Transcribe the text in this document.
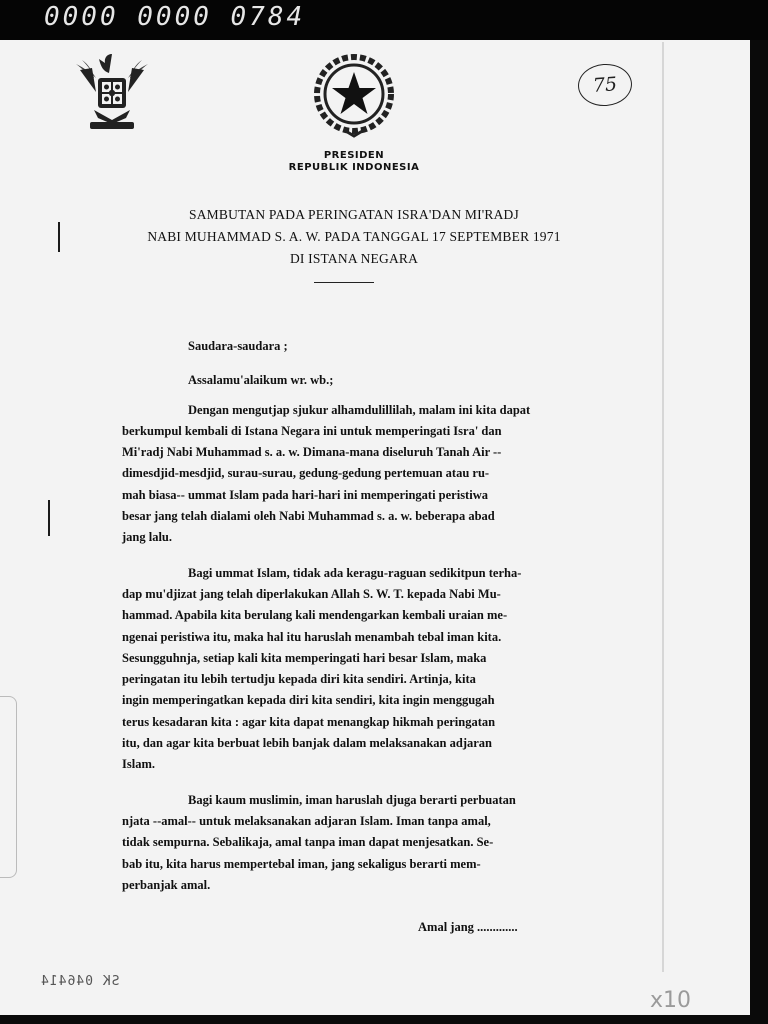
0000 0000 0784
75
PRESIDEN
REPUBLIK INDONESIA
SAMBUTAN PADA PERINGATAN ISRA'DAN MI'RADJ
NABI MUHAMMAD S. A. W. PADA TANGGAL 17 SEPTEMBER 1971
DI ISTANA NEGARA

Saudara-saudara ;

Assalamu'alaikum wr. wb.;

Dengan mengutjap sjukur alhamdulillilah, malam ini kita dapat
berkumpul kembali di Istana Negara ini untuk memperingati Isra' dan
Mi'radj Nabi Muhammad s. a. w. Dimana-mana diseluruh Tanah Air --
dimesdjid-mesdjid, surau-surau, gedung-gedung pertemuan atau ru-
mah biasa-- ummat Islam pada hari-hari ini memperingati peristiwa
besar jang telah dialami oleh Nabi Muhammad s. a. w. beberapa abad
jang lalu.

Bagi ummat Islam, tidak ada keragu-raguan sedikitpun terha-
dap mu'djizat jang telah diperlakukan Allah S. W. T. kepada Nabi Mu-
hammad. Apabila kita berulang kali mendengarkan kembali uraian me-
ngenai peristiwa itu, maka hal itu haruslah menambah tebal iman kita.
Sesungguhnja, setiap kali kita memperingati hari besar Islam, maka
peringatan itu lebih tertudju kepada diri kita sendiri. Artinja, kita
ingin memperingatkan kepada diri kita sendiri, kita ingin menggugah
terus kesadaran kita : agar kita dapat menangkap hikmah peringatan
itu, dan agar kita berbuat lebih banjak dalam melaksanakan adjaran
Islam.

Bagi kaum muslimin, iman haruslah djuga berarti perbuatan
njata --amal-- untuk melaksanakan adjaran Islam. Iman tanpa amal,
tidak sempurna. Sebalikaja, amal tanpa iman dapat menjesatkan. Se-
bab itu, kita harus mempertebal iman, jang sekaligus berarti mem-
perbanjak amal.

Amal jang .............
SK 046414
x10
